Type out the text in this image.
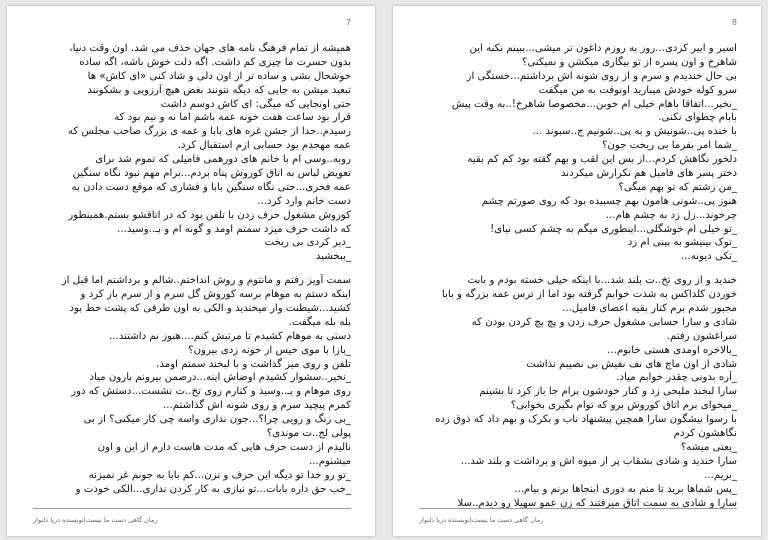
7
همیشه از تمام فرهنگ نامه های جهان حذف می شد. اون وقت دنیا،
بدون حسرت ما چیزی کم داشت. اگه دلت خوش باشه، اگه ساده
خوشحال بشی و ساده تر از اون دلی و شاد کنی «ای کاش» ها
تبعید میشن به جایی که دیگه نتونند بغض هیچ آرزویی و بشکونند
حتی اونجایی که میگی: ای کاش دوسم داشت
قرار بود ساعت هفت خونه عمه باشم اما نه و نیم بود که
رسیدم..حدا از جشن غره های بابا و عمه ی بزرگ صاحب مجلس که
عمه مهجدم بود حسابی ازم استقبال کرد.
روبه..وسی ام با خانم های دورهمی فامیلی که تموم شد برای
تعویض لباس به اتاق کوروش پناه بردم...برام مهم نبود نگاه سنگین
عمه فخری...حتی نگاه سنگین بابا و فشاری که موقع دست دادن به
دست خانم وارد کرد...
کوروش مشغول حرف زدن با تلفن بود که در اتاقشو بستم.همینطور
که داشت حرف میزد سمتم اومد و گونه ام و بـ..وسید...
_دیر کردی بی ریخت
_ببخشید
سمت آویز رفتم و مانتوم و روش انداختم..شالم و برداشتم اما قبل از
اینکه دستم به موهام برسه کوروش گل سرم و از سرم باز کرد و
کشید...شیطنت وار میخندید و الکی به اون طرفی که پشت خط بود
بله بله میگفت.
دستی به موهام کشیدم تا مرتبش کنم....هنوز نم داشتند...
_بازا با موی خیس از خونه زدی بیرون؟
تلفن و روی میز گذاشت و با لبخند سمتم اومد.
_نخیر..سشوار کشیدم اوضاش اینه...درصمن بیرونم بارون میاد
روی موهام و بـ..وسید و کنارم روی تخ..ت نشست...دستش که دور
کمرم پیچید سرم و روی شونه اش گذاشتم...
_بی رنگ و رویی چرا؟...جون نداری واسه چی کار میکنی؟ از بی
پولی لج..ت موندی؟
نالیدم از دست حرف هایی که مدت هاست دارم از این و اون
میشنوم...
_تو رو خدا تو دیگه این حرف و نزن...کم بابا به جونم غر نمیزنه
_خب حق داره بابات...تو نیازی به کار کردن نداری...الکی خودت و
رمان گاهی دست ما نیست|نویسنده دریا دلنواز
8
اسیر و اییر کردی...روز به روزم داغون تر میشی...ببینم نکنه این
شاهرخ و اون پسره از تو بیگاری میکشن و نمیکنی؟
بی حال خندیدم و سرم و از روی شونه اش برداشتم...خستگی از
سرو کوله خودش میبارید اونوقت به من میگفت
_نخیر...اتفاقا باهام خیلی ام خوبن...مخصوصا شاهرخ!..به وقت پیش
بابام چطوای نکنی.
با خنده پی..شونیش و به پی..شونیم چ..سبوند ...
_شما امر بفرما بی ریخت جون؟
دلخور نگاهش کردم...از بس این لقب و بهم گفته بود کم کم بقیه
دختر پسر های فامیل هم تکرارش میکردند
_من زشتم که تو بهم میگی؟
هنوز پی..شونی هامون بهم چسبیده بود که روی صورتم چشم
چرخوند...زل زد به چشم هام...
_تو خیلی ام خوشگلی...اینطوری میگم به چشم کسی نیای!
_توک بینیشو به بینی ام زد
_تکی دیونه...
خندید و از روی تخ..ت بلند شد...با اینکه خیلی خسته بودم و بابت
خوردن کلداکس به شدت خوابم گرفته بود اما از ترس عمه بزرگه و بابا
مجبور شدم برم کنار بقیه اعضای فامیل...
شادی و سارا حسابی مشغول حرف زدن و پچ پچ کردن بودن که
سراغشون رفتم.
_بالاخره اومدی هستی خانوم...
شادی از اون ماچ های نف نفیش بی نصیبم نذاشت
_آره بدونی چقدر خوابم میاد.
سارا لبخند ملیحی زد و کنار خودشون برام جا باز کرد تا بشینم
_میخوای برم اتاق کوروش برو که توام بگیری بخوابی؟
با رسوا نیشگون سارا همچین پیشنهاد ناب و بکرک و بهم داد که ذوق زده
نگاهشون کردم
_یعنی میشه؟
سارا خندید و شادی بشقاب پر از میوه اش و برداشت و بلند شد...
_بریم...
_پس شماها برید تا منم به دوری اینجاها برنم و بیام...
سارا و شادی به سمت اتاق میرفتند که زن عمو سهیلا رو دیدم..سلا
رمان گاهی دست ما نیست|نویسنده دریا دلنواز
